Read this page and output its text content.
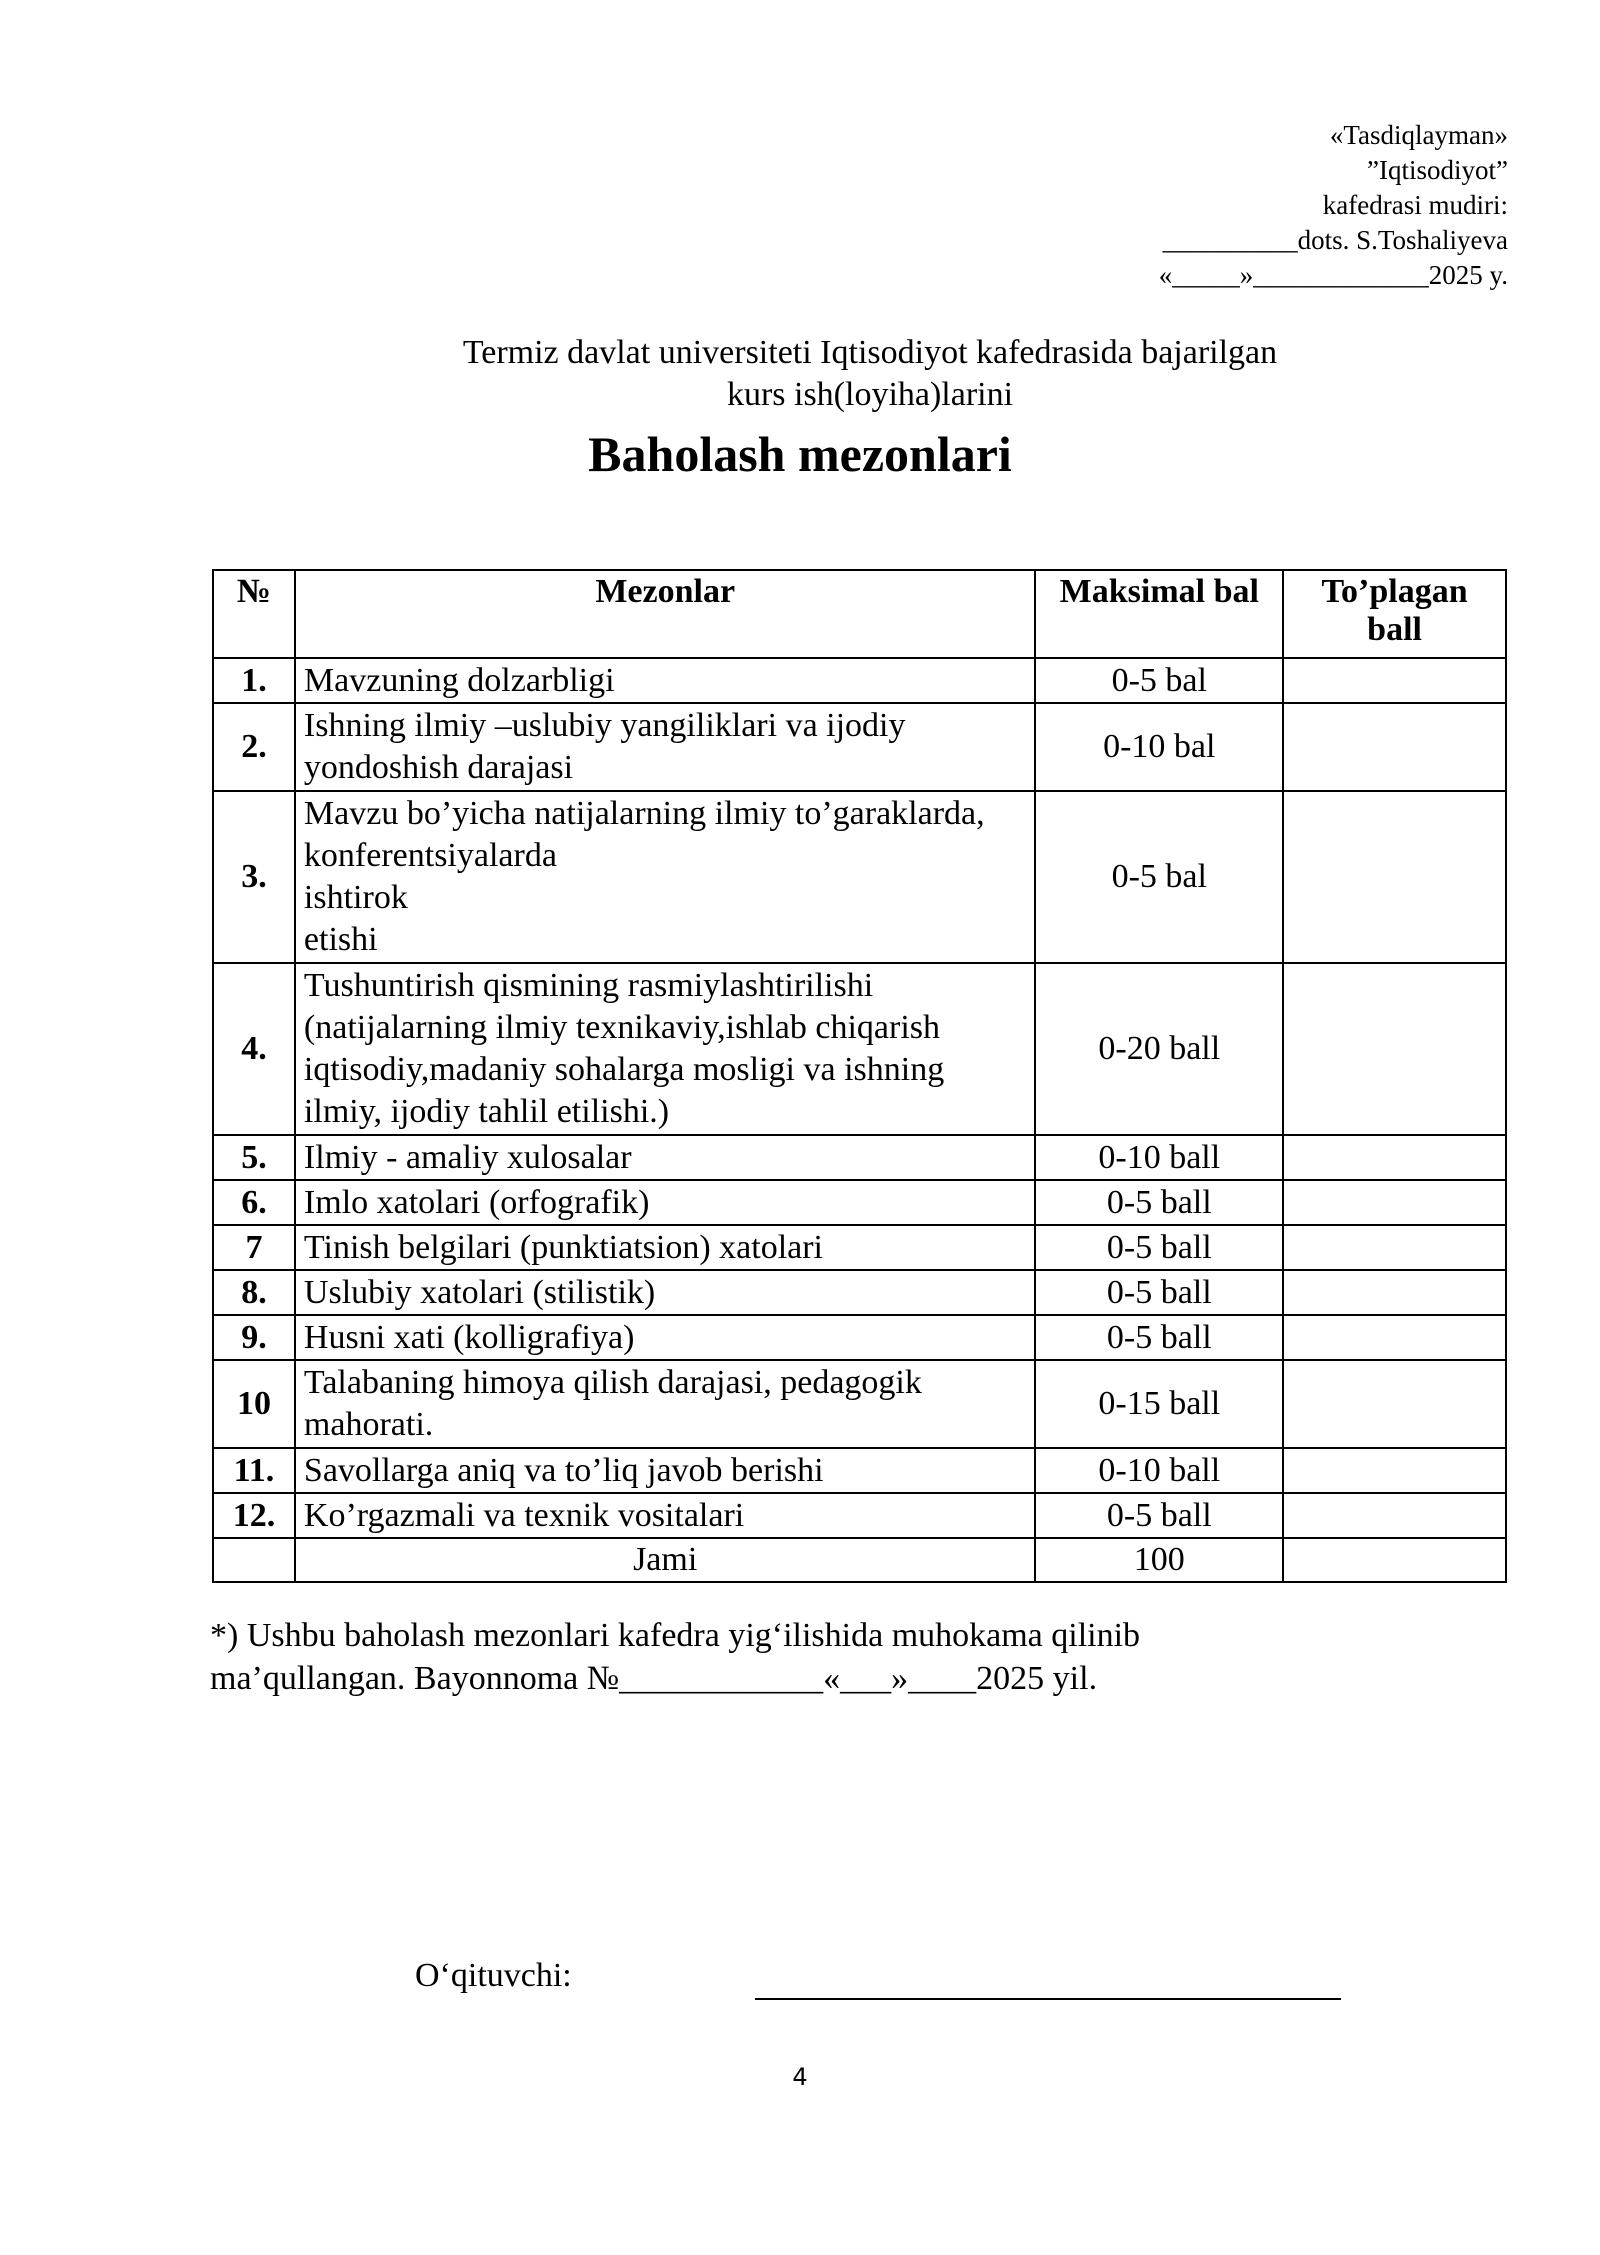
«Tasdiqlayman»
”Iqtisodiyot”
kafedrasi mudiri:
__________dots. S.Toshaliyeva
«_____»_____________2025 y.
Termiz davlat universiteti Iqtisodiyot kafedrasida bajarilgan kurs ish(loyiha)larini
Baholash mezonlari
№	Mezonlar	Maksimal bal	To’plagan ball
1.	Mavzuning dolzarbligi	0-5 bal	
2.	Ishning ilmiy –uslubiy yangiliklari va ijodiy yondoshish darajasi	0-10 bal	
3.	Mavzu bo’yicha natijalarning ilmiy to’garaklarda, konferentsiyalarda
ishtirok
etishi	0-5 bal	
4.	Tushuntirish qismining rasmiylashtirilishi (natijalarning ilmiy texnikaviy,ishlab chiqarish iqtisodiy,madaniy sohalarga mosligi va ishning ilmiy, ijodiy tahlil etilishi.)	0-20 ball	
5.	Ilmiy - amaliy xulosalar	0-10 ball	
6.	Imlo xatolari (orfografik)	0-5 ball	
7	Tinish belgilari (punktiatsion) xatolari	0-5 ball	
8.	Uslubiy xatolari (stilistik)	0-5 ball	
9.	Husni xati (kolligrafiya)	0-5 ball	
10	Talabaning himoya qilish darajasi, pedagogik mahorati.	0-15 ball	
11.	Savollarga aniq va to’liq javob berishi	0-10 ball	
12.	Ko’rgazmali va texnik vositalari	0-5 ball	
	Jami	100	
*) Ushbu baholash mezonlari kafedra yig‘ilishida muhokama qilinib ma’qullangan. Bayonnoma №____________«___»____2025 yil.
O‘qituvchi:
4
